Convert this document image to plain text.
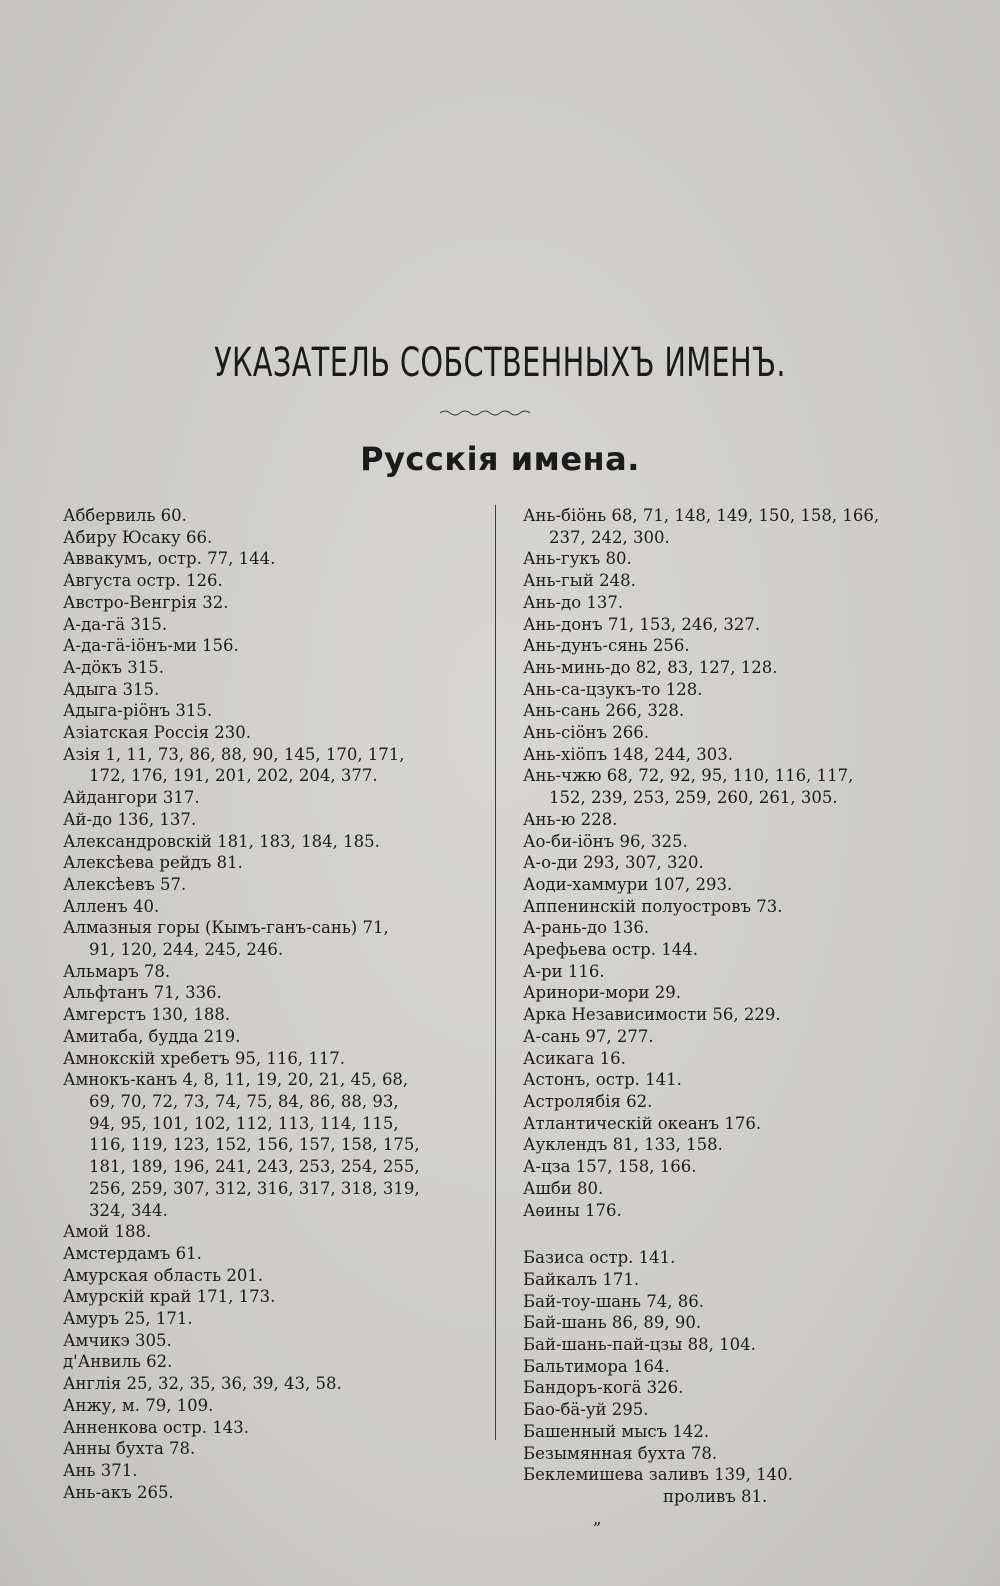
УКАЗАТЕЛЬ СОБСТВЕННЫХЪ ИМЕНЪ.
Русскія имена.
Аббервиль 60.
Абиру Юсаку 66.
Аввакумъ, остр. 77, 144.
Августа остр. 126.
Австро-Венгрія 32.
А-да-гä 315.
А-да-гä-іöнъ-ми 156.
А-дöкъ 315.
Адыга 315.
Адыга-ріöнъ 315.
Азіатская Россія 230.
Азія 1, 11, 73, 86, 88, 90, 145, 170, 171,
172, 176, 191, 201, 202, 204, 377.
Айдангори 317.
Ай-до 136, 137.
Александровскій 181, 183, 184, 185.
Алексѣева рейдъ 81.
Алексѣевъ 57.
Алленъ 40.
Алмазныя горы (Кымъ-ганъ-сань) 71,
91, 120, 244, 245, 246.
Альмаръ 78.
Альфтанъ 71, 336.
Амгерстъ 130, 188.
Амитаба, будда 219.
Амнокскій хребетъ 95, 116, 117.
Амнокъ-канъ 4, 8, 11, 19, 20, 21, 45, 68,
69, 70, 72, 73, 74, 75, 84, 86, 88, 93,
94, 95, 101, 102, 112, 113, 114, 115,
116, 119, 123, 152, 156, 157, 158, 175,
181, 189, 196, 241, 243, 253, 254, 255,
256, 259, 307, 312, 316, 317, 318, 319,
324, 344.
Амой 188.
Амстердамъ 61.
Амурская область 201.
Амурскій край 171, 173.
Амуръ 25, 171.
Амчикэ 305.
д'Анвиль 62.
Англія 25, 32, 35, 36, 39, 43, 58.
Анжу, м. 79, 109.
Анненкова остр. 143.
Анны бухта 78.
Ань 371.
Ань-акъ 265.
Ань-біöнь 68, 71, 148, 149, 150, 158, 166,
237, 242, 300.
Ань-гукъ 80.
Ань-гый 248.
Ань-до 137.
Ань-донъ 71, 153, 246, 327.
Ань-дунъ-сянь 256.
Ань-минь-до 82, 83, 127, 128.
Ань-са-цзукъ-то 128.
Ань-сань 266, 328.
Ань-сіöнъ 266.
Ань-хіöпъ 148, 244, 303.
Ань-чжю 68, 72, 92, 95, 110, 116, 117,
152, 239, 253, 259, 260, 261, 305.
Ань-ю 228.
Ао-би-іöнъ 96, 325.
А-о-ди 293, 307, 320.
Аоди-хаммури 107, 293.
Аппенинскій полуостровъ 73.
А-рань-до 136.
Арефьева остр. 144.
А-ри 116.
Аринори-мори 29.
Арка Независимости 56, 229.
А-сань 97, 277.
Асикага 16.
Астонъ, остр. 141.
Астролябія 62.
Атлантическій океанъ 176.
Ауклендъ 81, 133, 158.
А-цза 157, 158, 166.
Ашби 80.
Аѳины 176.
Базиса остр. 141.
Байкалъ 171.
Бай-тоу-шань 74, 86.
Бай-шань 86, 89, 90.
Бай-шань-пай-цзы 88, 104.
Бальтимора 164.
Бандоръ-когä 326.
Бао-бä-уй 295.
Башенный мысъ 142.
Безымянная бухта 78.
Беклемишева заливъ 139, 140.
проливъ 81.
„
